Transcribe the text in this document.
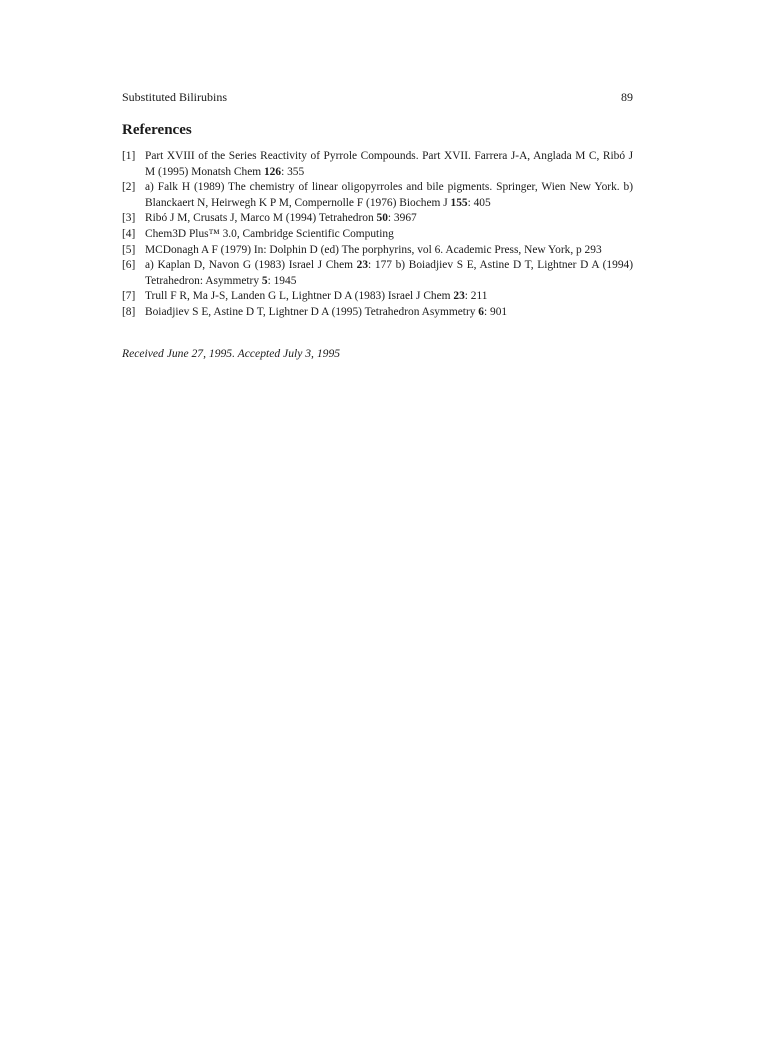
Substituted Bilirubins	89
References
[1] Part XVIII of the Series Reactivity of Pyrrole Compounds. Part XVII. Farrera J-A, Anglada M C, Ribó J M (1995) Monatsh Chem 126: 355
[2] a) Falk H (1989) The chemistry of linear oligopyrroles and bile pigments. Springer, Wien New York. b) Blanckaert N, Heirwegh K P M, Compernolle F (1976) Biochem J 155: 405
[3] Ribó J M, Crusats J, Marco M (1994) Tetrahedron 50: 3967
[4] Chem3D Plus™ 3.0, Cambridge Scientific Computing
[5] MCDonagh A F (1979) In: Dolphin D (ed) The porphyrins, vol 6. Academic Press, New York, p 293
[6] a) Kaplan D, Navon G (1983) Israel J Chem 23: 177 b) Boiadjiev S E, Astine D T, Lightner D A (1994) Tetrahedron: Asymmetry 5: 1945
[7] Trull F R, Ma J-S, Landen G L, Lightner D A (1983) Israel J Chem 23: 211
[8] Boiadjiev S E, Astine D T, Lightner D A (1995) Tetrahedron Asymmetry 6: 901

Received June 27, 1995. Accepted July 3, 1995
